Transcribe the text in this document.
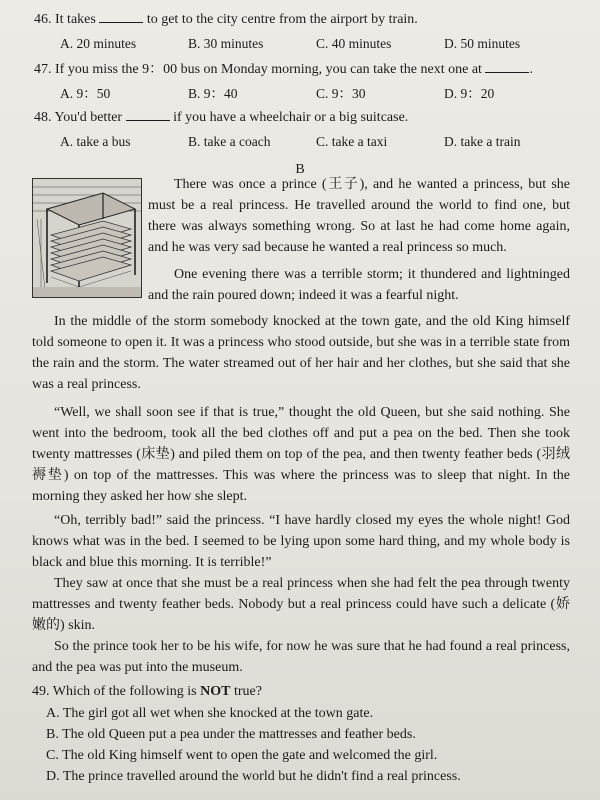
46. It takes	to get to the city centre from the airport by train.
A. 20 minutes	B. 30 minutes	C. 40 minutes	D. 50 minutes
47. If you miss the 9：00 bus on Monday morning, you can take the next one at	.
A. 9：50	B. 9：40	C. 9：30	D. 9：20
48. You'd better	if you have a wheelchair or a big suitcase.
A. take a bus	B. take a coach	C. take a taxi	D. take a train
B
There was once a prince (王子), and he wanted a princess, but she must be a real princess. He travelled around the world to find one, but there was always something wrong. So at last he had come home again, and he was very sad because he wanted a real princess so much.
One evening there was a terrible storm; it thundered and lightninged and the rain poured down; indeed it was a fearful night.
In the middle of the storm somebody knocked at the town gate, and the old King himself told someone to open it. It was a princess who stood outside, but she was in a terrible state from the rain and the storm. The water streamed out of her hair and her clothes, but she said that she was a real princess.
“Well, we shall soon see if that is true,” thought the old Queen, but she said nothing. She went into the bedroom, took all the bed clothes off and put a pea on the bed. Then she took twenty mattresses (床垫) and piled them on top of the pea, and then twenty feather beds (羽绒褥垫) on top of the mattresses. This was where the princess was to sleep that night. In the morning they asked her how she slept.
“Oh, terribly bad!” said the princess. “I have hardly closed my eyes the whole night! God knows what was in the bed. I seemed to be lying upon some hard thing, and my whole body is black and blue this morning. It is terrible!”
They saw at once that she must be a real princess when she had felt the pea through twenty mattresses and twenty feather beds. Nobody but a real princess could have such a delicate (娇嫩的) skin.
So the prince took her to be his wife, for now he was sure that he had found a real princess, and the pea was put into the museum.
49. Which of the following is NOT true?
A. The girl got all wet when she knocked at the town gate.
B. The old Queen put a pea under the mattresses and feather beds.
C. The old King himself went to open the gate and welcomed the girl.
D. The prince travelled around the world but he didn't find a real princess.
